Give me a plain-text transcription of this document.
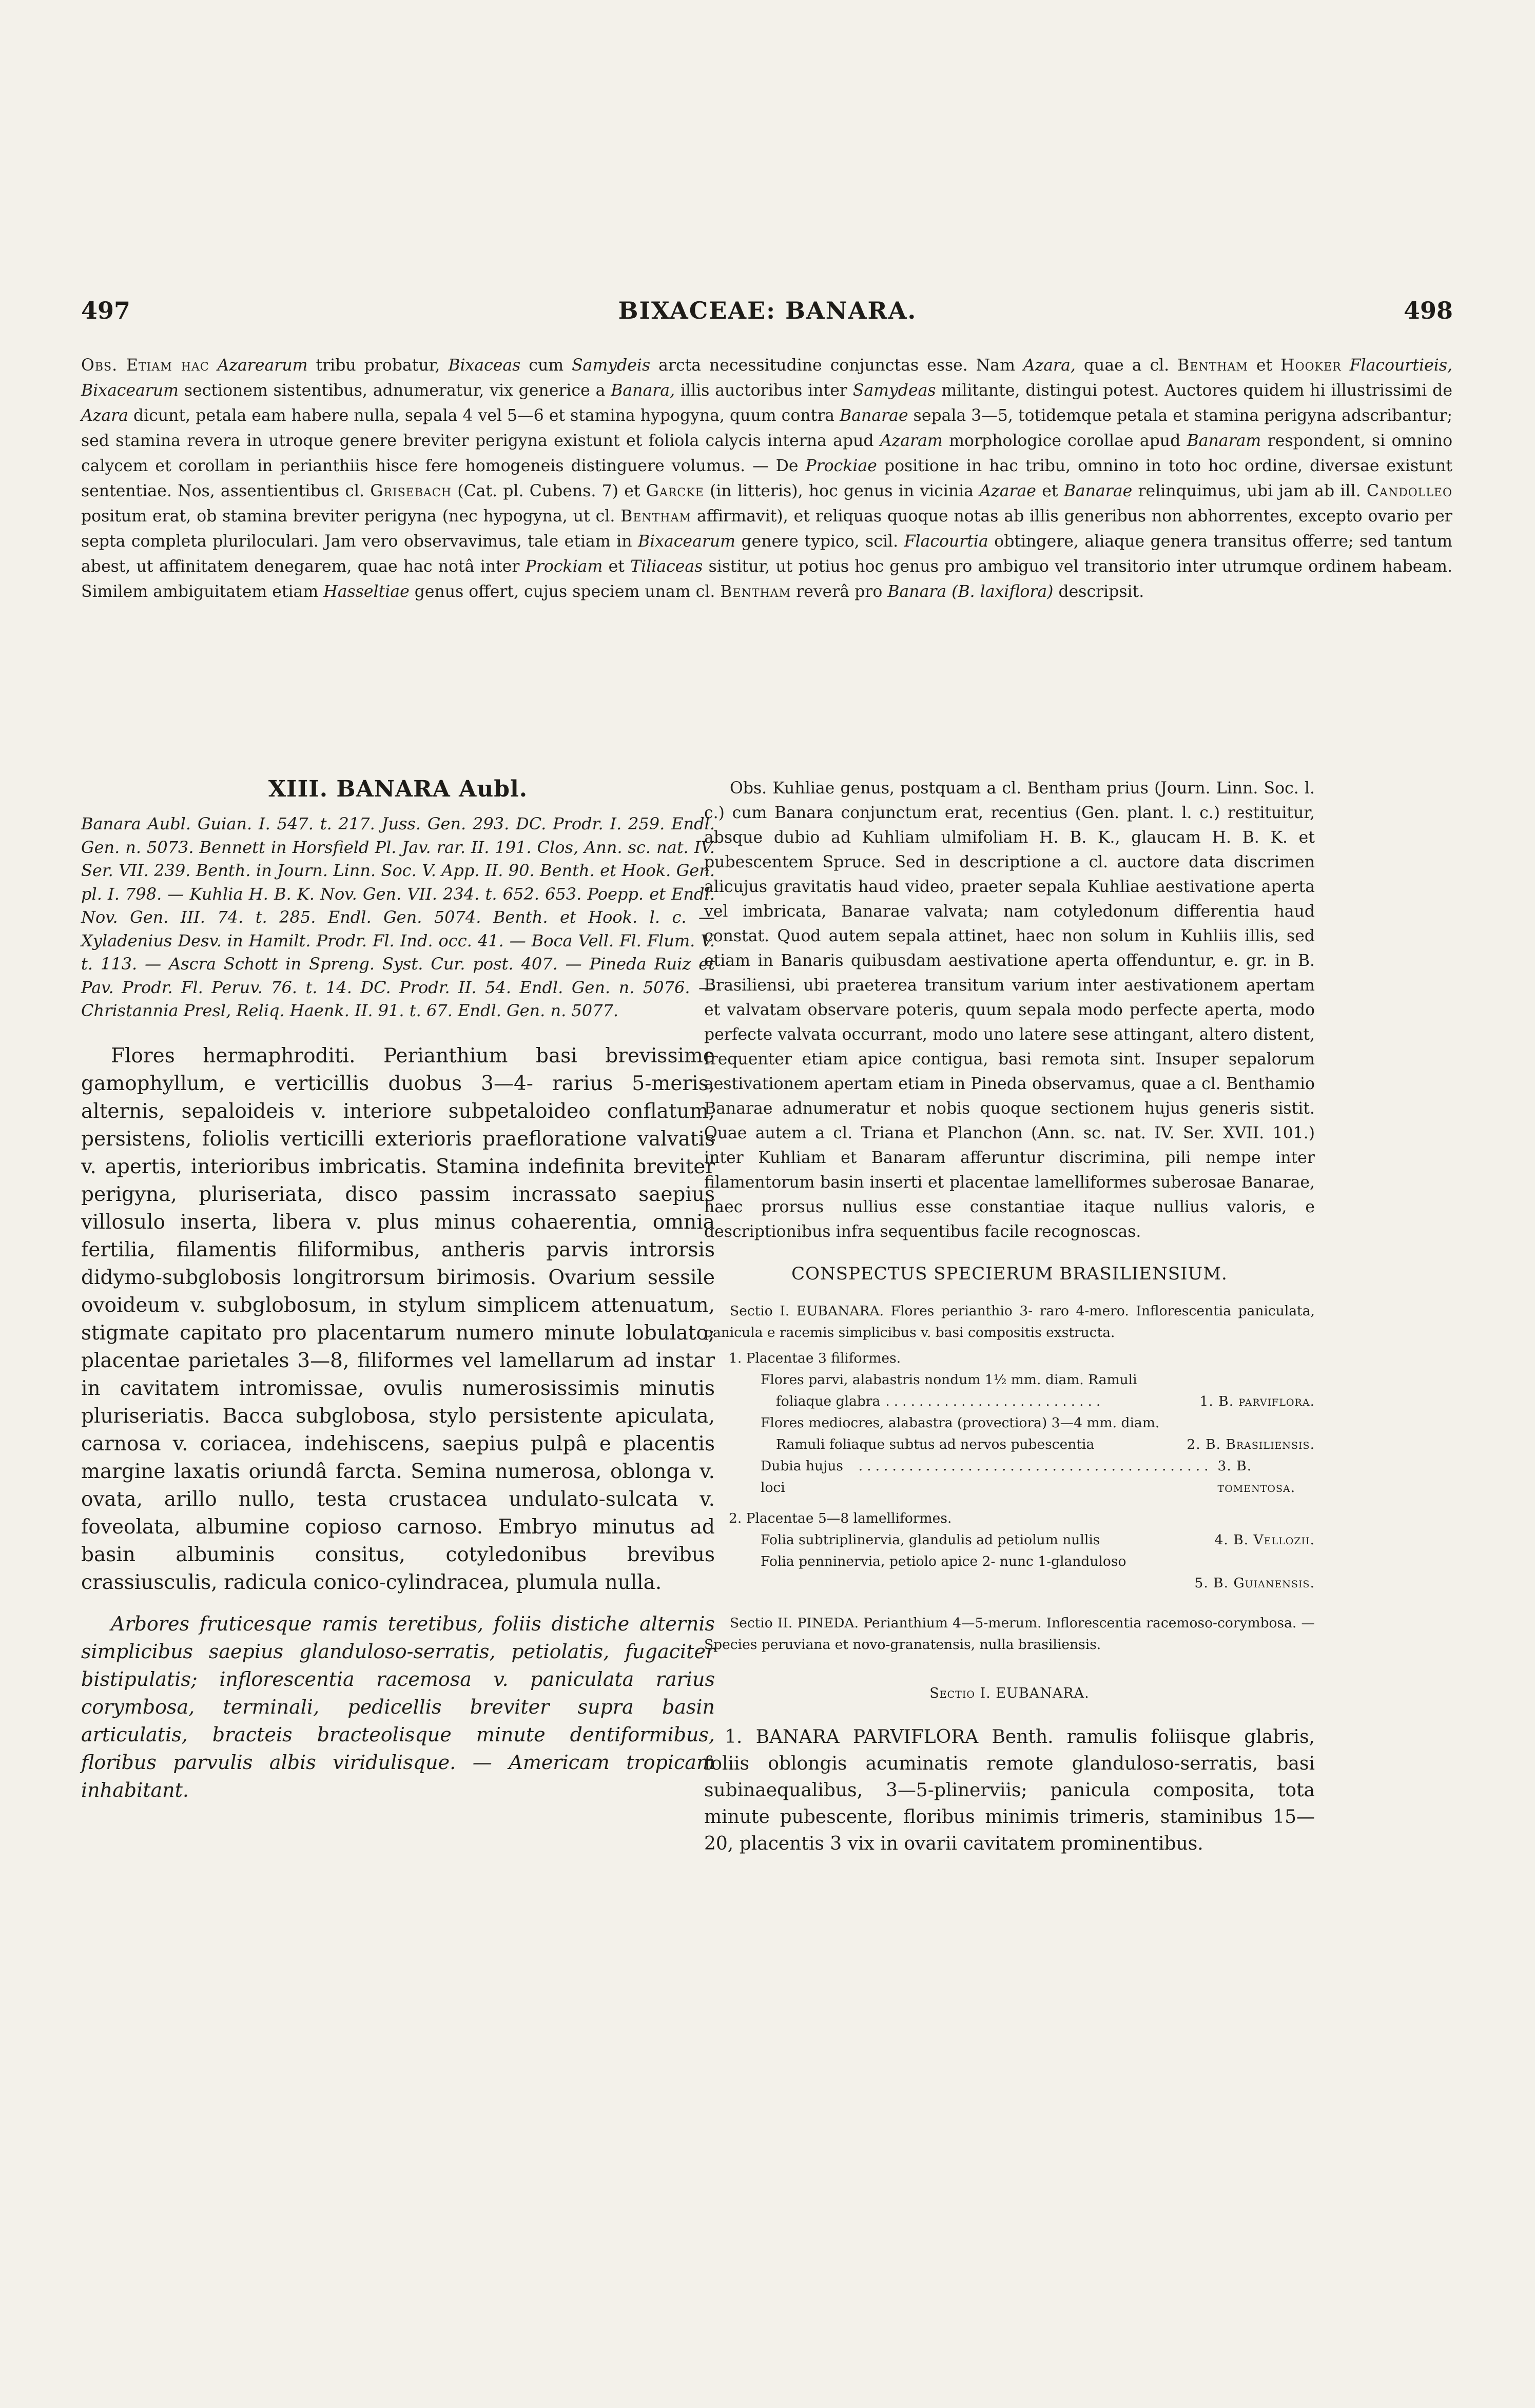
BIXACEAE: BANARA.
497	498
Obs. Etiam hac Azarearum tribu probatur, Bixaceas cum Samydeis arcta necessitudine conjunctas esse. Nam Azara, quae a cl. Bentham et Hooker Flacourtieis, Bixacearum sectionem sistentibus, adnumeratur, vix generice a Banara, illis auctoribus inter Samydeas militante, distingui potest. Auctores quidem hi illustrissimi de Azara dicunt, petala eam habere nulla, sepala 4 vel 5—6 et stamina hypogyna, quum contra Banarae sepala 3—5, totidemque petala et stamina perigyna adscribantur; sed stamina revera in utroque genere breviter perigyna existunt et foliola calycis interna apud Azaram morphologice corollae apud Banaram respondent, si omnino calycem et corollam in perianthiis hisce fere homogeneis distinguere volumus. — De Prockiae positione in hac tribu, omnino in toto hoc ordine, diversae existunt sententiae. Nos, assentientibus cl. Grisebach (Cat. pl. Cubens. 7) et Garcke (in litteris), hoc genus in vicinia Azarae et Banarae relinquimus, ubi jam ab ill. Candolleo positum erat, ob stamina breviter perigyna (nec hypogyna, ut cl. Bentham affirmavit), et reliquas quoque notas ab illis generibus non abhorrentes, excepto ovario per septa completa pluriloculari. Jam vero observavimus, tale etiam in Bixacearum genere typico, scil. Flacourtia obtingere, aliaque genera transitus offerre; sed tantum abest, ut affinitatem denegarem, quae hac notâ inter Prockiam et Tiliaceas sistitur, ut potius hoc genus pro ambiguo vel transitorio inter utrumque ordinem habeam. Similem ambiguitatem etiam Hasseltiae genus offert, cujus speciem unam cl. Bentham reverâ pro Banara (B. laxiflora) descripsit.
XIII. BANARA Aubl.

Banara Aubl. Guian. I. 547. t. 217. Juss. Gen. 293. DC. Prodr. I. 259. Endl. Gen. n. 5073. Bennett in Horsfield Pl. Jav. rar. II. 191. Clos, Ann. sc. nat. IV. Ser. VII. 239. Benth. in Journ. Linn. Soc. V. App. II. 90. Benth. et Hook. Gen. pl. I. 798. — Kuhlia H. B. K. Nov. Gen. VII. 234. t. 652. 653. Poepp. et Endl. Nov. Gen. III. 74. t. 285. Endl. Gen. 5074. Benth. et Hook. l. c. — Xyladenius Desv. in Hamilt. Prodr. Fl. Ind. occ. 41. — Boca Vell. Fl. Flum. V. t. 113. — Ascra Schott in Spreng. Syst. Cur. post. 407. — Pineda Ruiz et Pav. Prodr. Fl. Peruv. 76. t. 14. DC. Prodr. II. 54. Endl. Gen. n. 5076. — Christannia Presl, Reliq. Haenk. II. 91. t. 67. Endl. Gen. n. 5077.

Flores hermaphroditi. Perianthium basi brevissime gamophyllum, e verticillis duobus 3—4- rarius 5-meris, alternis, sepaloideis v. interiore subpetaloideo conflatum, persistens, foliolis verticilli exterioris praefloratione valvatis v. apertis, interioribus imbricatis. Stamina indefinita breviter perigyna, pluriseriata, disco passim incrassato saepius villosulo inserta, libera v. plus minus cohaerentia, omnia fertilia, filamentis filiformibus, antheris parvis introrsis didymo-subglobosis longitrorsum birimosis. Ovarium sessile ovoideum v. subglobosum, in stylum simplicem attenuatum, stigmate capitato pro placentarum numero minute lobulato; placentae parietales 3—8, filiformes vel lamellarum ad instar in cavitatem intromissae, ovulis numerosissimis minutis pluriseriatis. Bacca subglobosa, stylo persistente apiculata, carnosa v. coriacea, indehiscens, saepius pulpâ e placentis margine laxatis oriundâ farcta. Semina numerosa, oblonga v. ovata, arillo nullo, testa crustacea undulato-sulcata v. foveolata, albumine copioso carnoso. Embryo minutus ad basin albuminis consitus, cotyledonibus brevibus crassiusculis, radicula conico-cylindracea, plumula nulla.

Arbores fruticesque ramis teretibus, foliis distiche alternis simplicibus saepius glanduloso-serratis, petiolatis, fugaciter bistipulatis; inflorescentia racemosa v. paniculata rarius corymbosa, terminali, pedicellis breviter supra basin articulatis, bracteis bracteolisque minute dentiformibus, floribus parvulis albis viridulisque. — Americam tropicam inhabitant.

Obs. Kuhliae genus, postquam a cl. Bentham prius (Journ. Linn. Soc. l. c.) cum Banara conjunctum erat, recentius (Gen. plant. l. c.) restituitur, absque dubio ad Kuhliam ulmifoliam H. B. K., glaucam H. B. K. et pubescentem Spruce. Sed in descriptione a cl. auctore data discrimen alicujus gravitatis haud video, praeter sepala Kuhliae aestivatione aperta vel imbricata, Banarae valvata; nam cotyledonum differentia haud constat. Quod autem sepala attinet, haec non solum in Kuhliis illis, sed etiam in Banaris quibusdam aestivatione aperta offenduntur, e. gr. in B. Brasiliensi, ubi praeterea transitum varium inter aestivationem apertam et valvatam observare poteris, quum sepala modo perfecte aperta, modo perfecte valvata occurrant, modo uno latere sese attingant, altero distent, frequenter etiam apice contigua, basi remota sint. Insuper sepalorum aestivationem apertam etiam in Pineda observamus, quae a cl. Benthamio Banarae adnumeratur et nobis quoque sectionem hujus generis sistit. Quae autem a cl. Triana et Planchon (Ann. sc. nat. IV. Ser. XVII. 101.) inter Kuhliam et Banaram afferuntur discrimina, pili nempe inter filamentorum basin inserti et placentae lamelliformes suberosae Banarae, haec prorsus nullius esse constantiae itaque nullius valoris, e descriptionibus infra sequentibus facile recognoscas.

CONSPECTUS SPECIERUM BRASILIENSIUM.

Sectio I. EUBANARA. Flores perianthio 3- raro 4-mero. Inflorescentia paniculata, panicula e racemis simplicibus v. basi compositis exstructa.

1. Placentae 3 filiformes.

Flores parvi, alabastris nondum 1½ mm. diam. Ramuli

foliaque glabra ..........................	1. B. parviflora.

Flores mediocres, alabastra (provectiora) 3—4 mm. diam.

Ramuli foliaque subtus ad nervos pubescentia
	2. B. Brasiliensis.
Dubia hujus loci
.......................................... 3. B. tomentosa.

2. Placentae 5—8 lamelliformes.

Folia subtriplinervia, glandulis ad petiolum nullis
	4. B. Vellozii.

Folia penninervia, petiolo apice 2- nunc 1-glanduloso

5. B. Guianensis.

Sectio II. PINEDA. Perianthium 4—5-merum. Inflorescentia racemoso-corymbosa. — Species peruviana et novo-granatensis, nulla brasiliensis.

Sectio I. EUBANARA.

1. BANARA PARVIFLORA Benth. ramulis foliisque glabris, foliis oblongis acuminatis remote glanduloso-serratis, basi subinaequalibus, 3—5-plinerviis; panicula composita, tota minute pubescente, floribus minimis trimeris, staminibus 15—20, placentis 3 vix in ovarii cavitatem prominentibus.
